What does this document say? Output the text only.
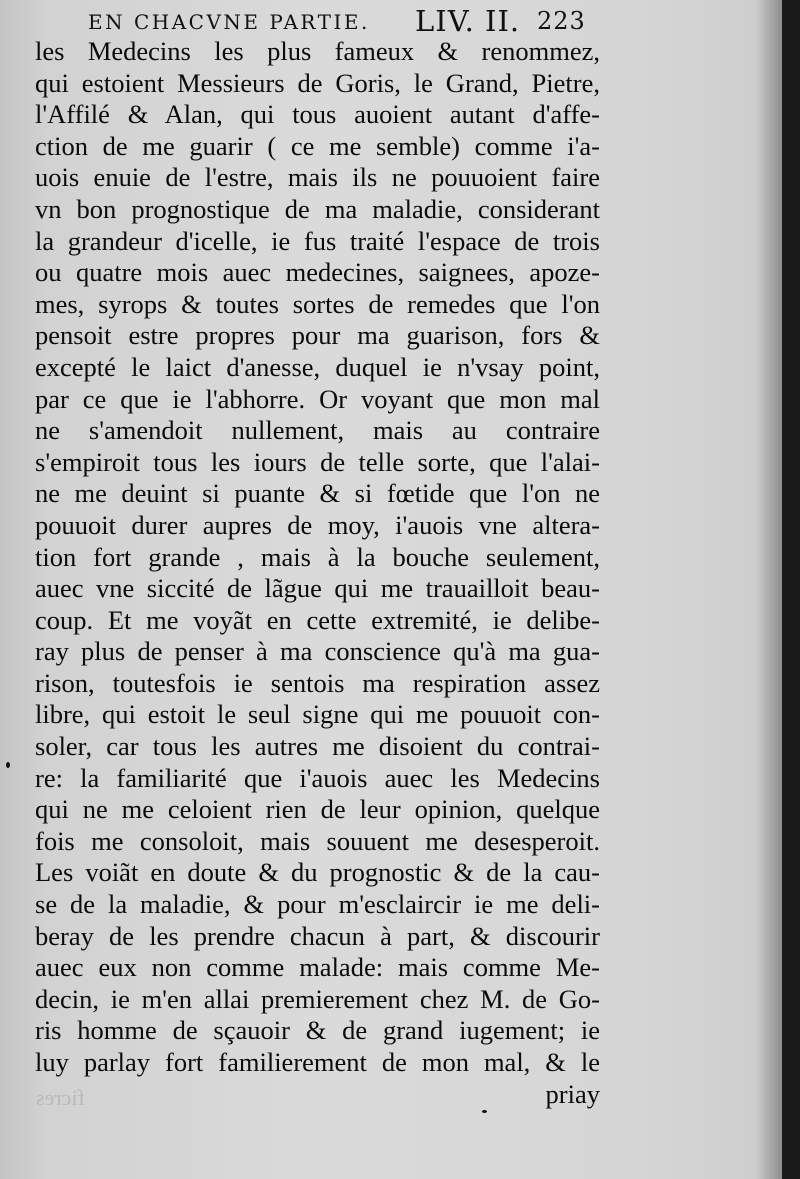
EN CHACVNE PARTIE. LIV. II. 223
les Medecins les plus fameux & renommez,
qui estoient Messieurs de Goris, le Grand, Pietre,
l'Affilé & Alan, qui tous auoient autant d'affe-
ction de me guarir ( ce me semble) comme i'a-
uois enuie de l'estre, mais ils ne pouuoient faire
vn bon prognostique de ma maladie, considerant
la grandeur d'icelle, ie fus traité l'espace de trois
ou quatre mois auec medecines, saignees, apoze-
mes, syrops & toutes sortes de remedes que l'on
pensoit estre propres pour ma guarison, fors &
excepté le laict d'anesse, duquel ie n'vsay point,
par ce que ie l'abhorre. Or voyant que mon mal
ne s'amendoit nullement, mais au contraire
s'empiroit tous les iours de telle sorte, que l'alai-
ne me deuint si puante & si fœtide que l'on ne
pouuoit durer aupres de moy, i'auois vne altera-
tion fort grande , mais à la bouche seulement,
auec vne siccité de lãgue qui me trauailloit beau-
coup. Et me voyãt en cette extremité, ie delibe-
ray plus de penser à ma conscience qu'à ma gua-
rison, toutesfois ie sentois ma respiration assez
libre, qui estoit le seul signe qui me pouuoit con-
soler, car tous les autres me disoient du contrai-
re: la familiarité que i'auois auec les Medecins
qui ne me celoient rien de leur opinion, quelque
fois me consoloit, mais souuent me desesperoit.
Les voiãt en doute & du prognostic & de la cau-
se de la maladie, & pour m'esclaircir ie me deli-
beray de les prendre chacun à part, & discourir
auec eux non comme malade: mais comme Me-
decin, ie m'en allai premierement chez M. de Go-
ris homme de sçauoir & de grand iugement; ie
luy parlay fort familierement de mon mal, & le
priay
ficres
